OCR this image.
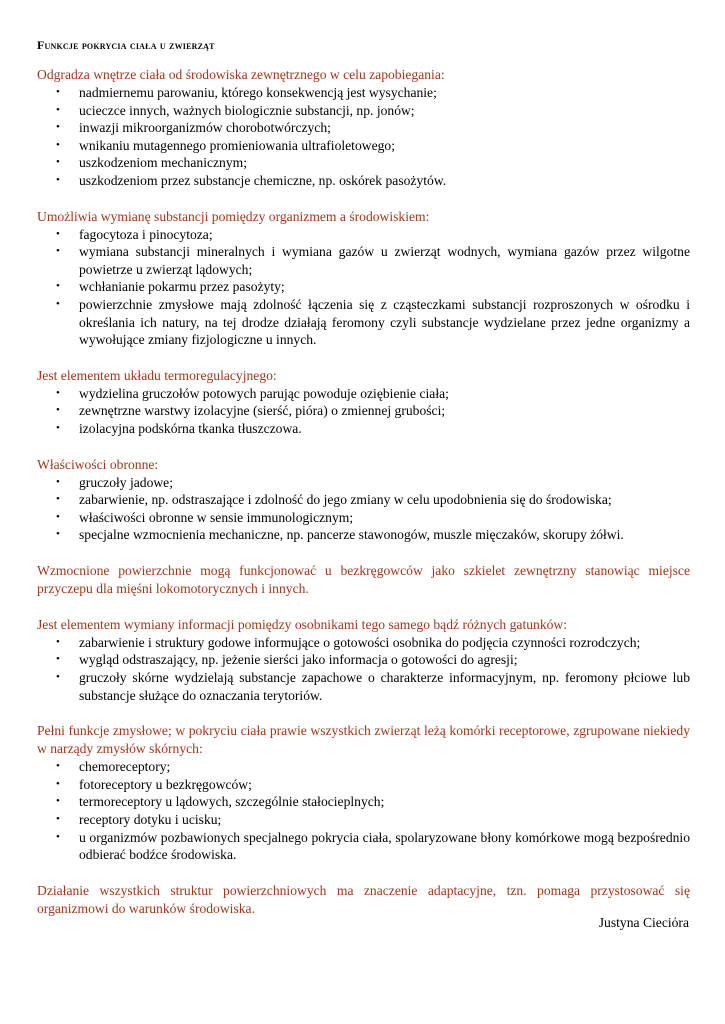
Funkcje pokrycia ciała u zwierząt

Odgradza wnętrze ciała od środowiska zewnętrznego w celu zapobiegania:

• nadmiernemu parowaniu, którego konsekwencją jest wysychanie;
• ucieczce innych, ważnych biologicznie substancji, np. jonów;
• inwazji mikroorganizmów chorobotwórczych;
• wnikaniu mutagennego promieniowania ultrafioletowego;
• uszkodzeniom mechanicznym;
• uszkodzeniom przez substancje chemiczne, np. oskórek pasożytów.

Umożliwia wymianę substancji pomiędzy organizmem a środowiskiem:

• fagocytoza i pinocytoza;
• wymiana substancji mineralnych i wymiana gazów u zwierząt wodnych, wymiana gazów przez wilgotne powietrze u zwierząt lądowych;
• wchłanianie pokarmu przez pasożyty;
• powierzchnie zmysłowe mają zdolność łączenia się z cząsteczkami substancji rozproszonych w ośrodku i określania ich natury, na tej drodze działają feromony czyli substancje wydzielane przez jedne organizmy a wywołujące zmiany fizjologiczne u innych.

Jest elementem układu termoregulacyjnego:

• wydzielina gruczołów potowych parując powoduje oziębienie ciała;
• zewnętrzne warstwy izolacyjne (sierść, pióra) o zmiennej grubości;
• izolacyjna podskórna tkanka tłuszczowa.

Właściwości obronne:

• gruczoły jadowe;
• zabarwienie, np. odstraszające i zdolność do jego zmiany w celu upodobnienia się do środowiska;
• właściwości obronne w sensie immunologicznym;
• specjalne wzmocnienia mechaniczne, np. pancerze stawonogów, muszle mięczaków, skorupy żółwi.

Wzmocnione powierzchnie mogą funkcjonować u bezkręgowców jako szkielet zewnętrzny stanowiąc miejsce przyczepu dla mięśni lokomotorycznych i innych.

Jest elementem wymiany informacji pomiędzy osobnikami tego samego bądź różnych gatunków:

• zabarwienie i struktury godowe informujące o gotowości osobnika do podjęcia czynności rozrodczych;
• wygląd odstraszający, np. jeżenie sierści jako informacja o gotowości do agresji;
• gruczoły skórne wydzielają substancje zapachowe o charakterze informacyjnym, np. feromony płciowe lub substancje służące do oznaczania terytoriów.

Pełni funkcje zmysłowe; w pokryciu ciała prawie wszystkich zwierząt leżą komórki receptorowe, zgrupowane niekiedy w narządy zmysłów skórnych:

• chemoreceptory;
• fotoreceptory u bezkręgowców;
• termoreceptory u lądowych, szczególnie stałocieplnych;
• receptory dotyku i ucisku;
• u organizmów pozbawionych specjalnego pokrycia ciała, spolaryzowane błony komórkowe mogą bezpośrednio odbierać bodźce środowiska.

Działanie wszystkich struktur powierzchniowych ma znaczenie adaptacyjne, tzn. pomaga przystosować się organizmowi do warunków środowiska.

Justyna Cieciόra
